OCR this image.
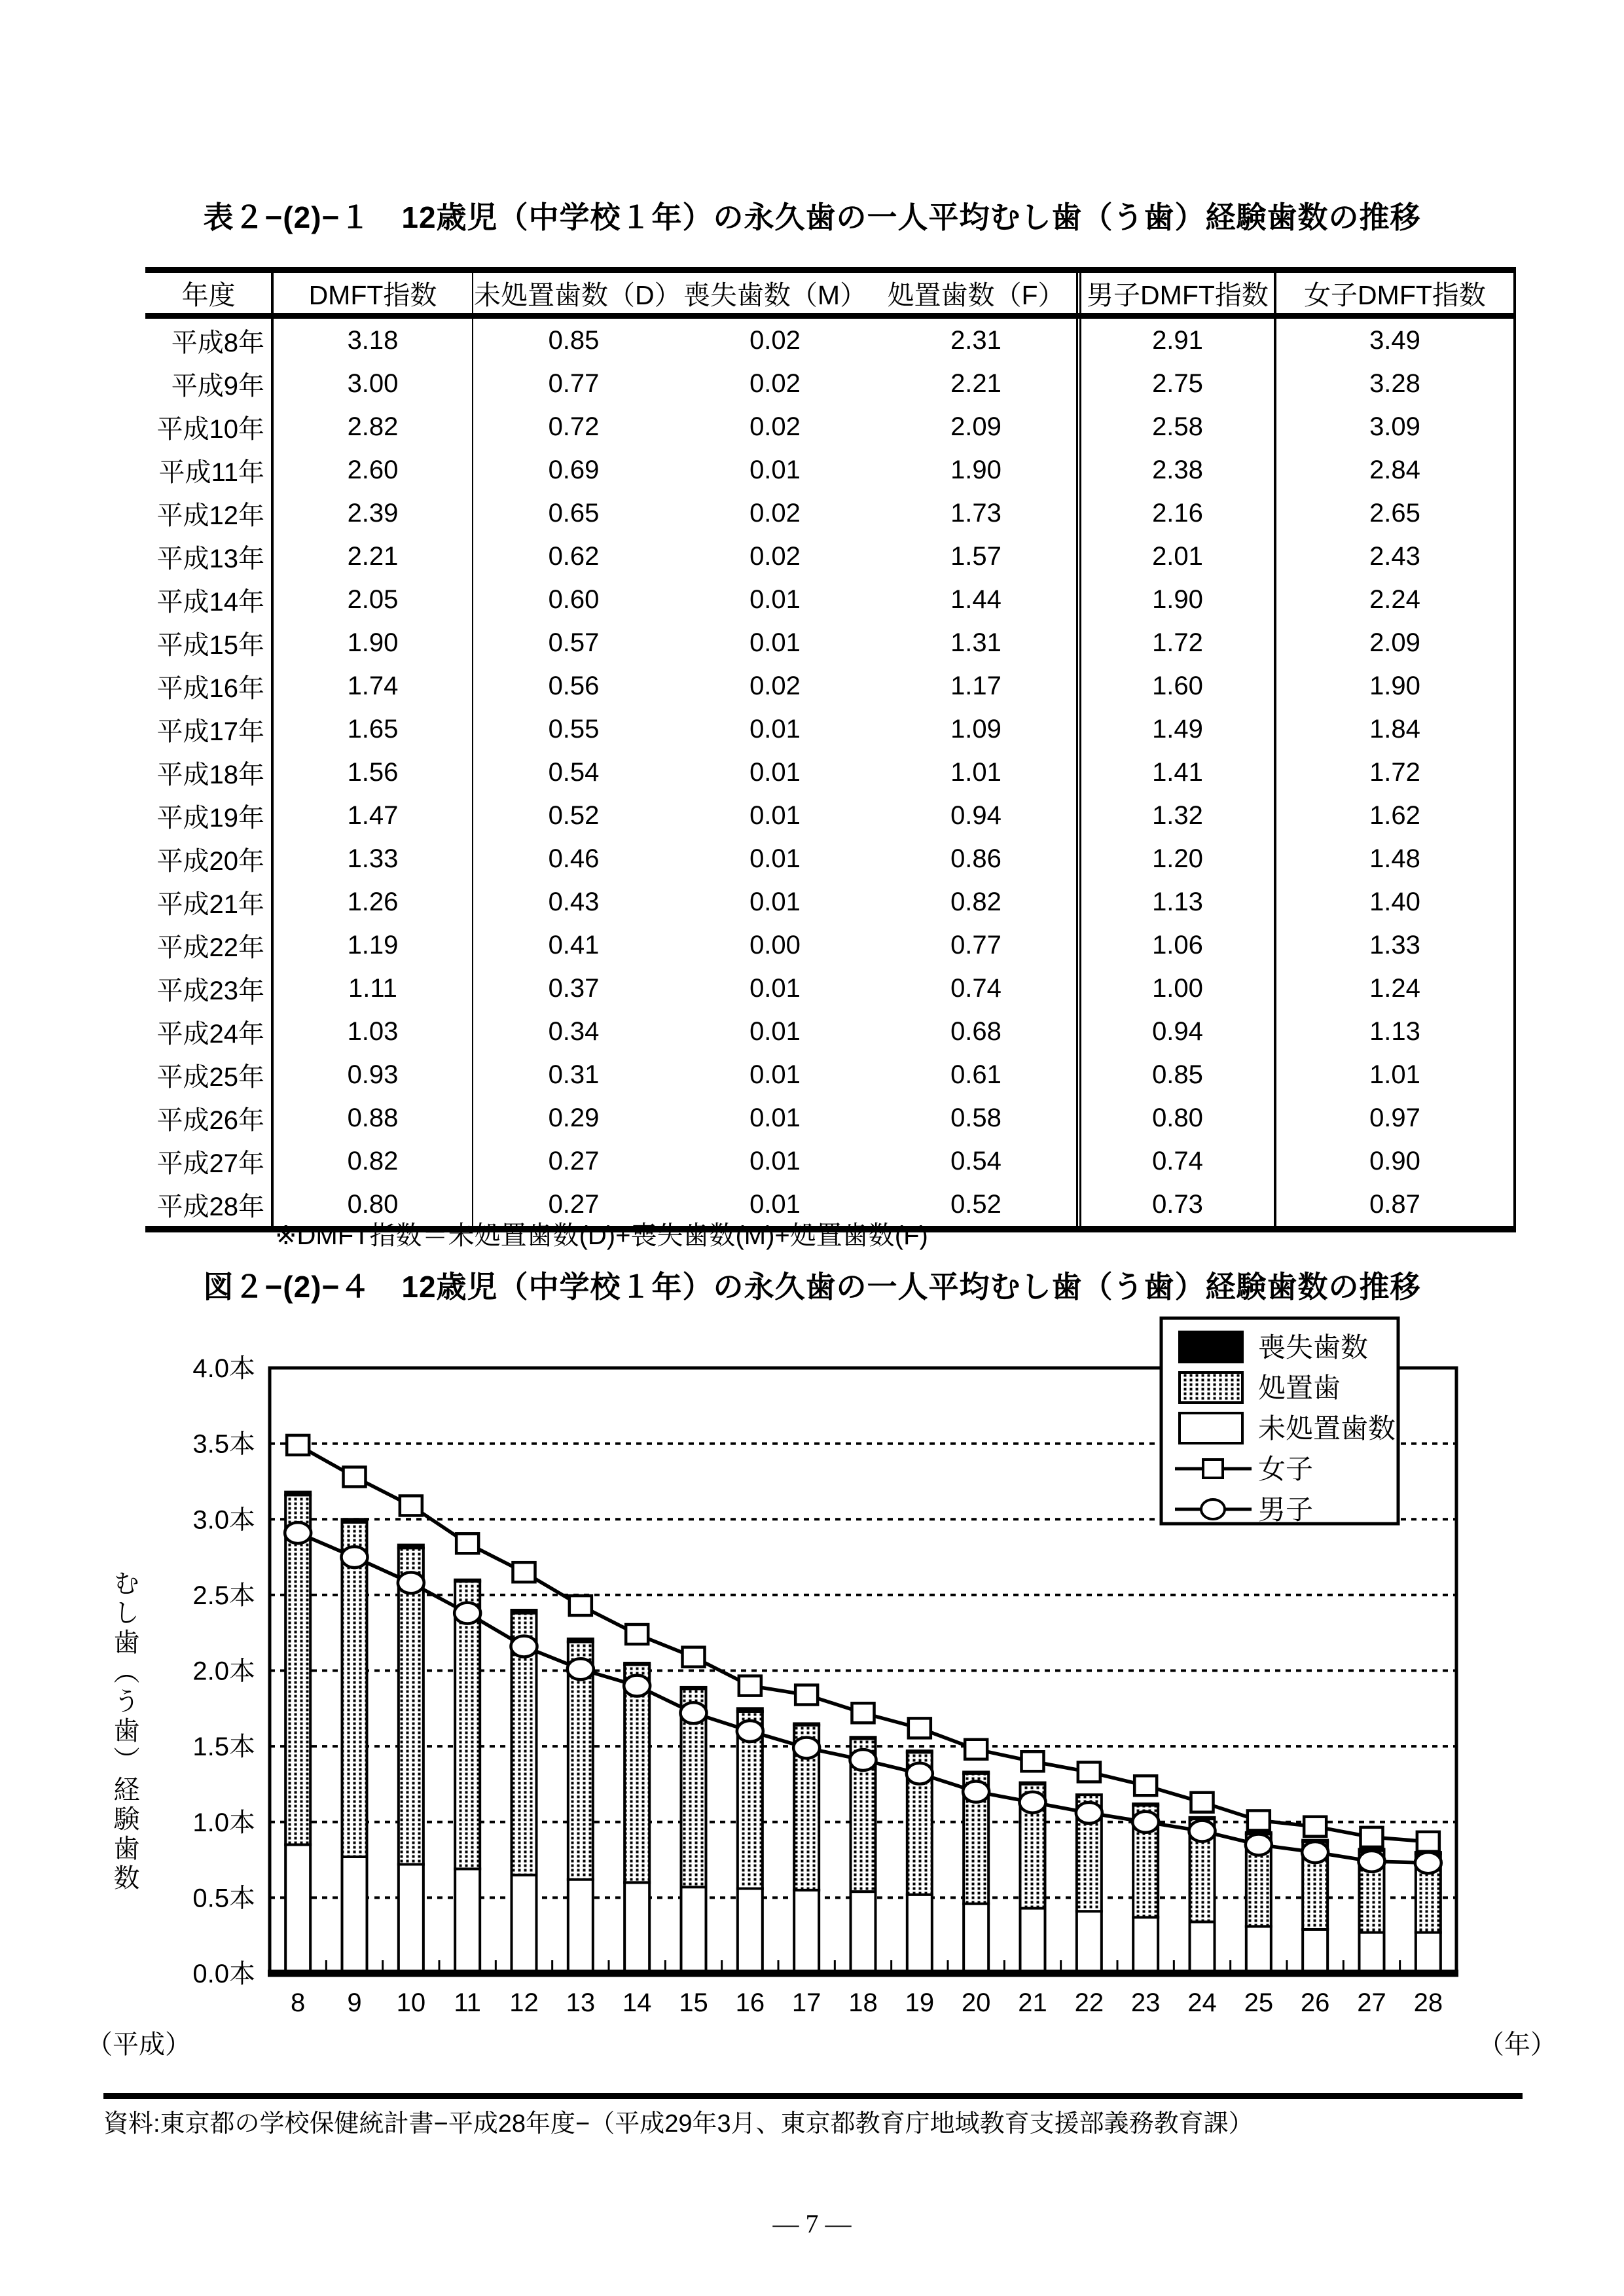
表２−(2)−１　12歳児（中学校１年）の永久歯の一人平均むし歯（う歯）経験歯数の推移
年度	DMFT指数	未処置歯数（D）	喪失歯数（M）	処置歯数（F）	男子DMFT指数	女子DMFT指数
平成8年	3.18	0.85	0.02	2.31	2.91	3.49
平成9年	3.00	0.77	0.02	2.21	2.75	3.28
平成10年	2.82	0.72	0.02	2.09	2.58	3.09
平成11年	2.60	0.69	0.01	1.90	2.38	2.84
平成12年	2.39	0.65	0.02	1.73	2.16	2.65
平成13年	2.21	0.62	0.02	1.57	2.01	2.43
平成14年	2.05	0.60	0.01	1.44	1.90	2.24
平成15年	1.90	0.57	0.01	1.31	1.72	2.09
平成16年	1.74	0.56	0.02	1.17	1.60	1.90
平成17年	1.65	0.55	0.01	1.09	1.49	1.84
平成18年	1.56	0.54	0.01	1.01	1.41	1.72
平成19年	1.47	0.52	0.01	0.94	1.32	1.62
平成20年	1.33	0.46	0.01	0.86	1.20	1.48
平成21年	1.26	0.43	0.01	0.82	1.13	1.40
平成22年	1.19	0.41	0.00	0.77	1.06	1.33
平成23年	1.11	0.37	0.01	0.74	1.00	1.24
平成24年	1.03	0.34	0.01	0.68	0.94	1.13
平成25年	0.93	0.31	0.01	0.61	0.85	1.01
平成26年	0.88	0.29	0.01	0.58	0.80	0.97
平成27年	0.82	0.27	0.01	0.54	0.74	0.90
平成28年	0.80	0.27	0.01	0.52	0.73	0.87
※DMFT指数＝未処置歯数(D)+喪失歯数(M)+処置歯数(F)
図２−(2)−４　12歳児（中学校１年）の永久歯の一人平均むし歯（う歯）経験歯数の推移
0.0本
0.5本
1.0本
1.5本
2.0本
2.5本
3.0本
3.5本
4.0本
8 9 10 11 12 13 14 15 16 17 18 19 20 21 22 23 24 25 26 27 28
（平成）	（年）
喪失歯数
処置歯
未処置歯数
女子
男子
むし歯（う歯）経験歯数
資料:東京都の学校保健統計書−平成28年度−（平成29年3月、東京都教育庁地域教育支援部義務教育課）
— 7 —
